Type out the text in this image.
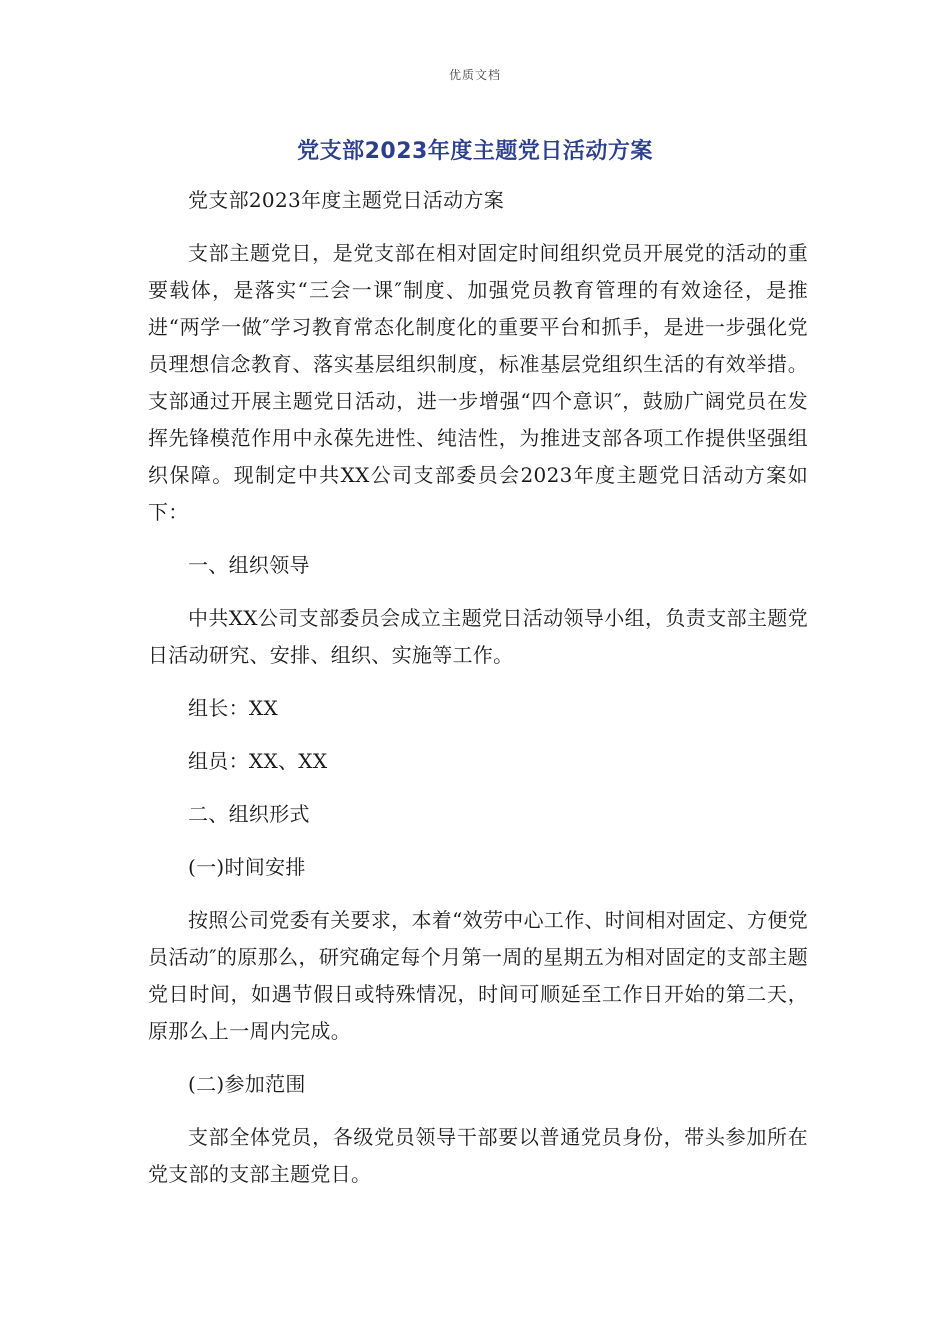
优质文档
党支部2023年度主题党日活动方案

党支部2023年度主题党日活动方案

支部主题党日，是党支部在相对固定时间组织党员开展党的活动的重要载体，是落实“三会一课″制度、加强党员教育管理的有效途径，是推进“两学一做″学习教育常态化制度化的重要平台和抓手，是进一步强化党员理想信念教育、落实基层组织制度，标准基层党组织生活的有效举措。支部通过开展主题党日活动，进一步增强“四个意识″，鼓励广阔党员在发挥先锋模范作用中永葆先进性、纯洁性，为推进支部各项工作提供坚强组织保障。现制定中共XX公司支部委员会2023年度主题党日活动方案如下：

一、组织领导

中共XX公司支部委员会成立主题党日活动领导小组，负责支部主题党日活动研究、安排、组织、实施等工作。

组长：XX

组员：XX、XX

二、组织形式

(一)时间安排

按照公司党委有关要求，本着“效劳中心工作、时间相对固定、方便党员活动″的原那么，研究确定每个月第一周的星期五为相对固定的支部主题党日时间，如遇节假日或特殊情况，时间可顺延至工作日开始的第二天，原那么上一周内完成。

(二)参加范围

支部全体党员，各级党员领导干部要以普通党员身份，带头参加所在党支部的支部主题党日。
